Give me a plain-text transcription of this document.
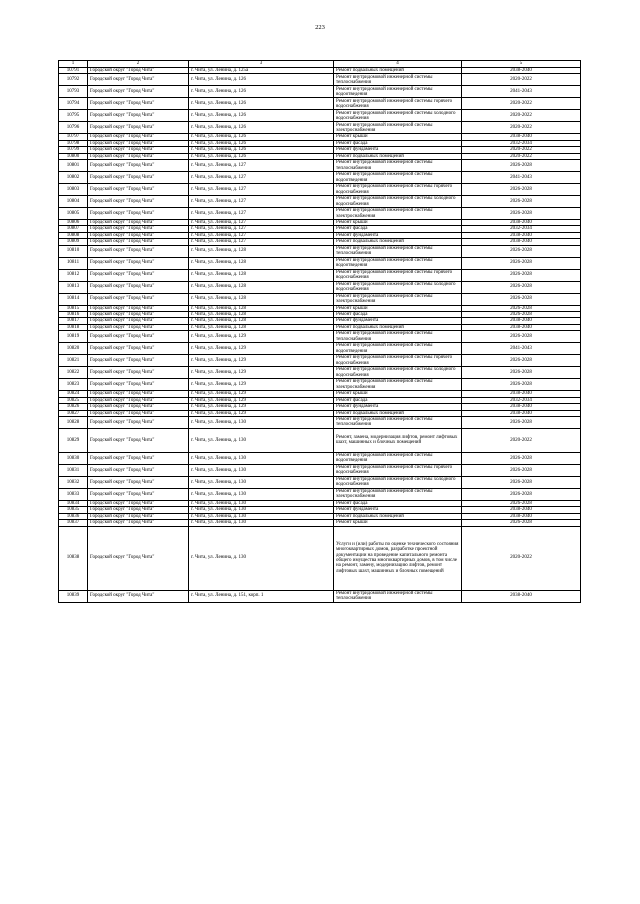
223
1	2	3	4	5
10791	Городской округ "Город Чита"	г. Чита, ул. Ленина, д. 125а	Ремонт подвальных помещений	2038-2040
10792	Городской округ "Город Чита"	г. Чита, ул. Ленина, д. 126	Ремонт внутридомовой инженерной системы теплоснабжения	2020-2022
10793	Городской округ "Город Чита"	г. Чита, ул. Ленина, д. 126	Ремонт внутридомовой инженерной системы водоотведения	2041-2043
10794	Городской округ "Город Чита"	г. Чита, ул. Ленина, д. 126	Ремонт внутридомовой инженерной системы горячего водоснабжения	2020-2022
10795	Городской округ "Город Чита"	г. Чита, ул. Ленина, д. 126	Ремонт внутридомовой инженерной системы холодного водоснабжения	2020-2022
10796	Городской округ "Город Чита"	г. Чита, ул. Ленина, д. 126	Ремонт внутридомовой инженерной системы электроснабжения	2020-2022
10797	Городской округ "Город Чита"	г. Чита, ул. Ленина, д. 126	Ремонт крыши	2038-2040
10798	Городской округ "Город Чита"	г. Чита, ул. Ленина, д. 126	Ремонт фасада	2032-2034
10799	Городской округ "Город Чита"	г. Чита, ул. Ленина, д. 126	Ремонт фундамента	2020-2022
10800	Городской округ "Город Чита"	г. Чита, ул. Ленина, д. 126	Ремонт подвальных помещений	2020-2022
10801	Городской округ "Город Чита"	г. Чита, ул. Ленина, д. 127	Ремонт внутридомовой инженерной системы теплоснабжения	2026-2028
10802	Городской округ "Город Чита"	г. Чита, ул. Ленина, д. 127	Ремонт внутридомовой инженерной системы водоотведения	2041-2043
10803	Городской округ "Город Чита"	г. Чита, ул. Ленина, д. 127	Ремонт внутридомовой инженерной системы горячего водоснабжения	2026-2028
10804	Городской округ "Город Чита"	г. Чита, ул. Ленина, д. 127	Ремонт внутридомовой инженерной системы холодного водоснабжения	2026-2028
10805	Городской округ "Город Чита"	г. Чита, ул. Ленина, д. 127	Ремонт внутридомовой инженерной системы электроснабжения	2026-2028
10806	Городской округ "Город Чита"	г. Чита, ул. Ленина, д. 127	Ремонт крыши	2038-2040
10807	Городской округ "Город Чита"	г. Чита, ул. Ленина, д. 127	Ремонт фасада	2032-2034
10808	Городской округ "Город Чита"	г. Чита, ул. Ленина, д. 127	Ремонт фундамента	2038-2040
10809	Городской округ "Город Чита"	г. Чита, ул. Ленина, д. 127	Ремонт подвальных помещений	2038-2040
10810	Городской округ "Город Чита"	г. Чита, ул. Ленина, д. 128	Ремонт внутридомовой инженерной системы теплоснабжения	2026-2028
10811	Городской округ "Город Чита"	г. Чита, ул. Ленина, д. 128	Ремонт внутридомовой инженерной системы водоотведения	2026-2028
10812	Городской округ "Город Чита"	г. Чита, ул. Ленина, д. 128	Ремонт внутридомовой инженерной системы горячего водоснабжения	2026-2028
10813	Городской округ "Город Чита"	г. Чита, ул. Ленина, д. 128	Ремонт внутридомовой инженерной системы холодного водоснабжения	2026-2028
10814	Городской округ "Город Чита"	г. Чита, ул. Ленина, д. 128	Ремонт внутридомовой инженерной системы электроснабжения	2026-2028
10815	Городской округ "Город Чита"	г. Чита, ул. Ленина, д. 128	Ремонт крыши	2026-2028
10816	Городской округ "Город Чита"	г. Чита, ул. Ленина, д. 128	Ремонт фасада	2026-2028
10817	Городской округ "Город Чита"	г. Чита, ул. Ленина, д. 128	Ремонт фундамента	2038-2040
10818	Городской округ "Город Чита"	г. Чита, ул. Ленина, д. 128	Ремонт подвальных помещений	2038-2040
10819	Городской округ "Город Чита"	г. Чита, ул. Ленина, д. 129	Ремонт внутридомовой инженерной системы теплоснабжения	2026-2028
10820	Городской округ "Город Чита"	г. Чита, ул. Ленина, д. 129	Ремонт внутридомовой инженерной системы водоотведения	2041-2043
10821	Городской округ "Город Чита"	г. Чита, ул. Ленина, д. 129	Ремонт внутридомовой инженерной системы горячего водоснабжения	2026-2028
10822	Городской округ "Город Чита"	г. Чита, ул. Ленина, д. 129	Ремонт внутридомовой инженерной системы холодного водоснабжения	2026-2028
10823	Городской округ "Город Чита"	г. Чита, ул. Ленина, д. 129	Ремонт внутридомовой инженерной системы электроснабжения	2026-2028
10824	Городской округ "Город Чита"	г. Чита, ул. Ленина, д. 129	Ремонт крыши	2038-2040
10825	Городской округ "Город Чита"	г. Чита, ул. Ленина, д. 129	Ремонт фасада	2032-2034
10826	Городской округ "Город Чита"	г. Чита, ул. Ленина, д. 129	Ремонт фундамента	2038-2040
10827	Городской округ "Город Чита"	г. Чита, ул. Ленина, д. 129	Ремонт подвальных помещений	2038-2040
10828	Городской округ "Город Чита"	г. Чита, ул. Ленина, д. 130	Ремонт внутридомовой инженерной системы теплоснабжения	2026-2028
10829	Городской округ "Город Чита"	г. Чита, ул. Ленина, д. 130	Ремонт, замена, модернизация лифтов, ремонт лифтовых шахт, машинных и блочных помещений	2020-2022
10830	Городской округ "Город Чита"	г. Чита, ул. Ленина, д. 130	Ремонт внутридомовой инженерной системы водоотведения	2026-2028
10831	Городской округ "Город Чита"	г. Чита, ул. Ленина, д. 130	Ремонт внутридомовой инженерной системы горячего водоснабжения	2026-2028
10832	Городской округ "Город Чита"	г. Чита, ул. Ленина, д. 130	Ремонт внутридомовой инженерной системы холодного водоснабжения	2026-2028
10833	Городской округ "Город Чита"	г. Чита, ул. Ленина, д. 130	Ремонт внутридомовой инженерной системы электроснабжения	2026-2028
10834	Городской округ "Город Чита"	г. Чита, ул. Ленина, д. 130	Ремонт фасада	2026-2028
10835	Городской округ "Город Чита"	г. Чита, ул. Ленина, д. 130	Ремонт фундамента	2038-2040
10836	Городской округ "Город Чита"	г. Чита, ул. Ленина, д. 130	Ремонт подвальных помещений	2038-2040
10837	Городской округ "Город Чита"	г. Чита, ул. Ленина, д. 130	Ремонт крыши	2026-2028
10838	Городской округ "Город Чита"	г. Чита, ул. Ленина, д. 130	Услуги и (или) работы по оценке технического состояния многоквартирных домов, разработке проектной документации на проведение капитального ремонта общего имущества многоквартирных домов, в том числе на ремонт, замену, модернизацию лифтов, ремонт лифтовых шахт, машинных и блочных помещений	2020-2022
10839	Городской округ "Город Чита"	г. Чита, ул. Ленина, д. 151, корп. 1	Ремонт внутридомовой инженерной системы теплоснабжения	2038-2040
